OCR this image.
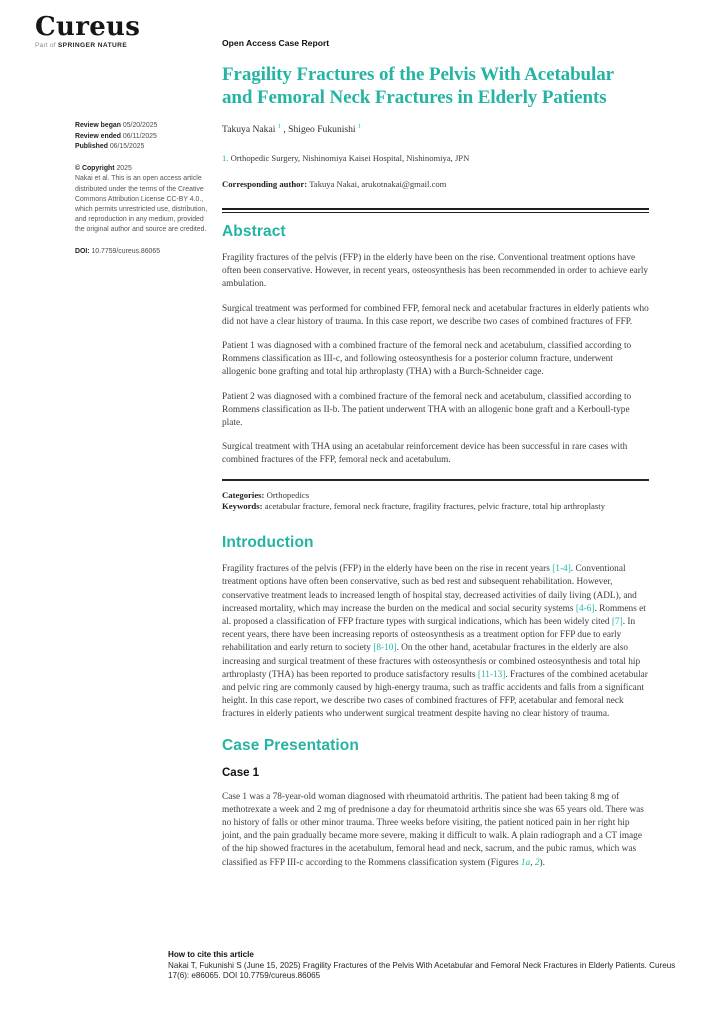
Cureus
Part of SPRINGER NATURE
Review began 05/20/2025
Review ended 06/11/2025
Published 06/15/2025
© Copyright 2025
Nakai et al. This is an open access article distributed under the terms of the Creative Commons Attribution License CC-BY 4.0., which permits unrestricted use, distribution, and reproduction in any medium, provided the original author and source are credited.
DOI: 10.7759/cureus.86065
Open Access Case Report
Fragility Fractures of the Pelvis With Acetabular
and Femoral Neck Fractures in Elderly Patients
Takuya Nakai $^1$ , Shigeo Fukunishi $^1$
1. Orthopedic Surgery, Nishinomiya Kaisei Hospital, Nishinomiya, JPN
Corresponding author: Takuya Nakai, arukotnakai@gmail.com
Abstract

Fragility fractures of the pelvis (FFP) in the elderly have been on the rise. Conventional treatment options have often been conservative. However, in recent years, osteosynthesis has been recommended in order to achieve early ambulation.

Surgical treatment was performed for combined FFP, femoral neck and acetabular fractures in elderly patients who did not have a clear history of trauma. In this case report, we describe two cases of combined fractures of FFP.

Patient 1 was diagnosed with a combined fracture of the femoral neck and acetabulum, classified according to Rommens classification as III-c, and following osteosynthesis for a posterior column fracture, underwent allogenic bone grafting and total hip arthroplasty (THA) with a Burch-Schneider cage.

Patient 2 was diagnosed with a combined fracture of the femoral neck and acetabulum, classified according to Rommens classification as II-b. The patient underwent THA with an allogenic bone graft and a Kerboull-type plate.

Surgical treatment with THA using an acetabular reinforcement device has been successful in rare cases with combined fractures of the FFP, femoral neck and acetabulum.

Categories: Orthopedics
Keywords: acetabular fracture, femoral neck fracture, fragility fractures, pelvic fracture, total hip arthroplasty
Introduction

Fragility fractures of the pelvis (FFP) in the elderly have been on the rise in recent years [1-4]. Conventional treatment options have often been conservative, such as bed rest and subsequent rehabilitation. However, conservative treatment leads to increased length of hospital stay, decreased activities of daily living (ADL), and increased mortality, which may increase the burden on the medical and social security systems [4-6]. Rommens et al. proposed a classification of FFP fracture types with surgical indications, which has been widely cited [7]. In recent years, there have been increasing reports of osteosynthesis as a treatment option for FFP due to early rehabilitation and early return to society [8-10]. On the other hand, acetabular fractures in the elderly are also increasing and surgical treatment of these fractures with osteosynthesis or combined osteosynthesis and total hip arthroplasty (THA) has been reported to produce satisfactory results [11-13]. Fractures of the combined acetabular and pelvic ring are commonly caused by high-energy trauma, such as traffic accidents and falls from a significant height. In this case report, we describe two cases of combined fractures of FFP, acetabular and femoral neck fractures in elderly patients who underwent surgical treatment despite having no clear history of trauma.

Case Presentation
Case 1

Case 1 was a 78-year-old woman diagnosed with rheumatoid arthritis. The patient had been taking 8 mg of methotrexate a week and 2 mg of prednisone a day for rheumatoid arthritis since she was 65 years old. There was no history of falls or other minor trauma. Three weeks before visiting, the patient noticed pain in her right hip joint, and the pain gradually became more severe, making it difficult to walk. A plain radiograph and a CT image of the hip showed fractures in the acetabulum, femoral head and neck, sacrum, and the pubic ramus, which was classified as FFP III-c according to the Rommens classification system (Figures 1a, 2).

How to cite this article
Nakai T, Fukunishi S (June 15, 2025) Fragility Fractures of the Pelvis With Acetabular and Femoral Neck Fractures in Elderly Patients. Cureus 17(6): e86065. DOI 10.7759/cureus.86065
